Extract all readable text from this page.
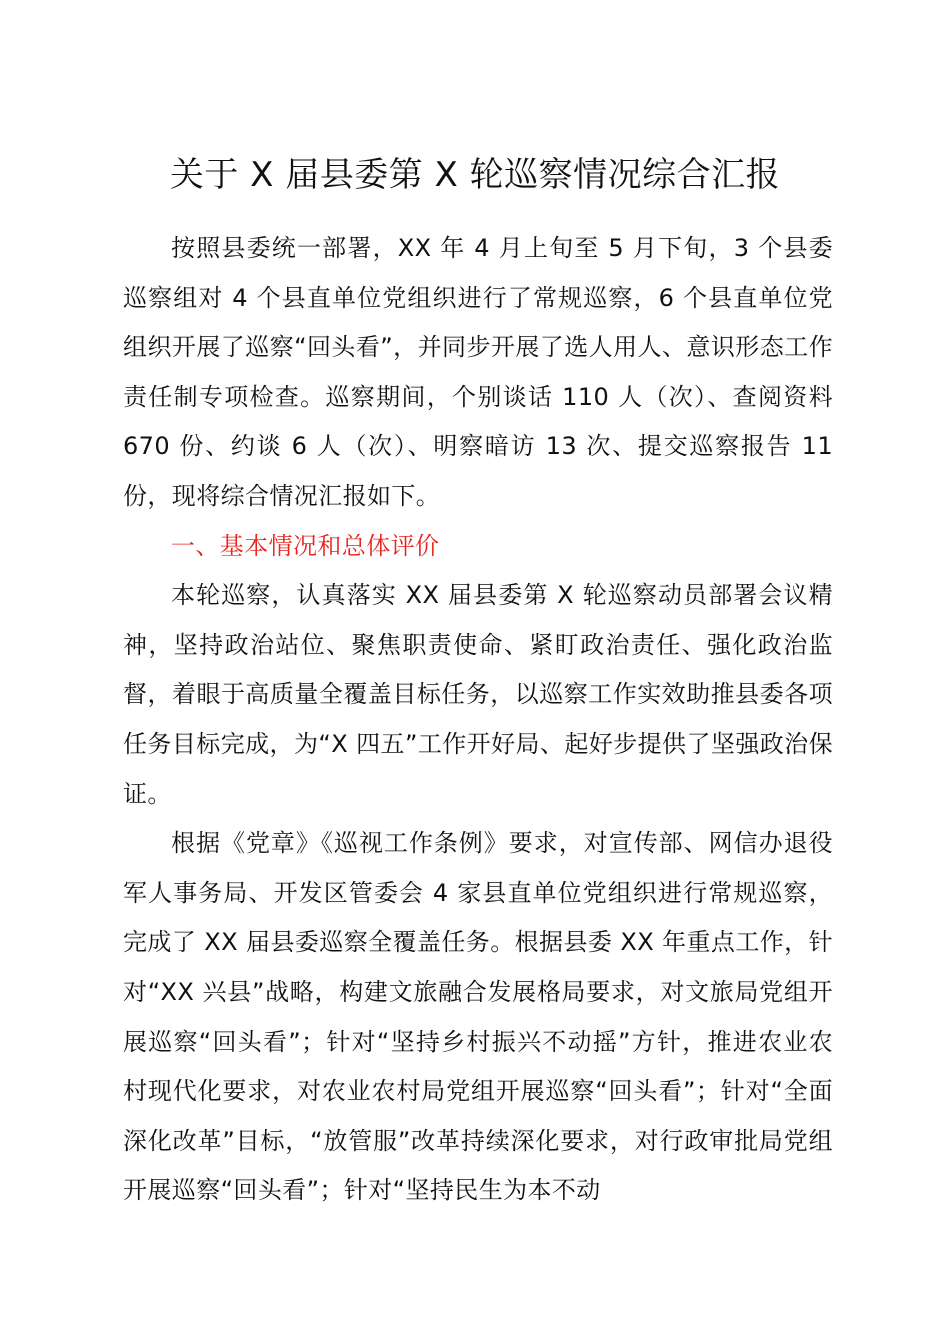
关于 X 届县委第 X 轮巡察情况综合汇报

按照县委统一部署，XX 年 4 月上旬至 5 月下旬，3 个县委巡察组对 4 个县直单位党组织进行了常规巡察，6 个县直单位党组织开展了巡察“回头看”，并同步开展了选人用人、意识形态工作责任制专项检查。巡察期间，个别谈话 110 人（次）、查阅资料 670 份、约谈 6 人（次）、明察暗访 13 次、提交巡察报告 11 份，现将综合情况汇报如下。

一、基本情况和总体评价

本轮巡察，认真落实 XX 届县委第 X 轮巡察动员部署会议精神，坚持政治站位、聚焦职责使命、紧盯政治责任、强化政治监督，着眼于高质量全覆盖目标任务，以巡察工作实效助推县委各项任务目标完成，为“X 四五”工作开好局、起好步提供了坚强政治保证。

根据《党章》《巡视工作条例》要求，对宣传部、网信办退役军人事务局、开发区管委会 4 家县直单位党组织进行常规巡察，完成了 XX 届县委巡察全覆盖任务。根据县委 XX 年重点工作，针对“XX 兴县”战略，构建文旅融合发展格局要求，对文旅局党组开展巡察“回头看”；针对“坚持乡村振兴不动摇”方针，推进农业农村现代化要求，对农业农村局党组开展巡察“回头看”；针对“全面深化改革”目标，“放管服”改革持续深化要求，对行政审批局党组开展巡察“回头看”；针对“坚持民生为本不动
